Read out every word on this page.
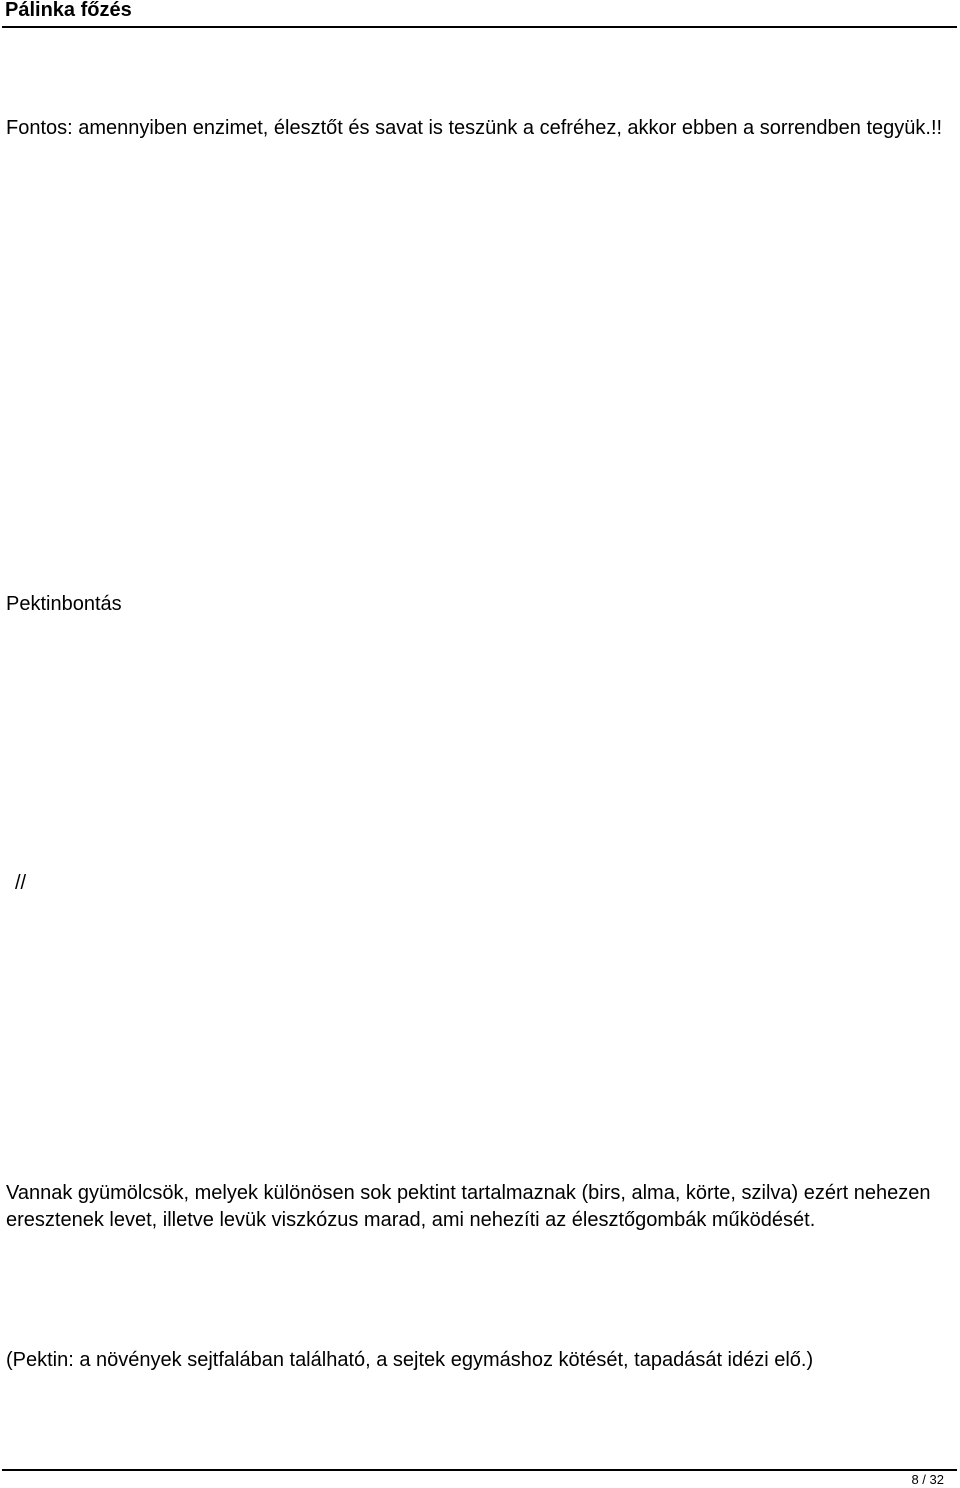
Pálinka főzés

Fontos: amennyiben enzimet, élesztőt és savat is teszünk a cefréhez, akkor ebben a sorrendben tegyük.!!

Pektinbontás

//

Vannak gyümölcsök, melyek különösen sok pektint tartalmaznak (birs, alma, körte, szilva) ezért nehezen eresztenek levet, illetve levük viszkózus marad, ami nehezíti az élesztőgombák működését.

(Pektin: a növények sejtfalában található, a sejtek egymáshoz kötését, tapadását idézi elő.)

8 / 32
